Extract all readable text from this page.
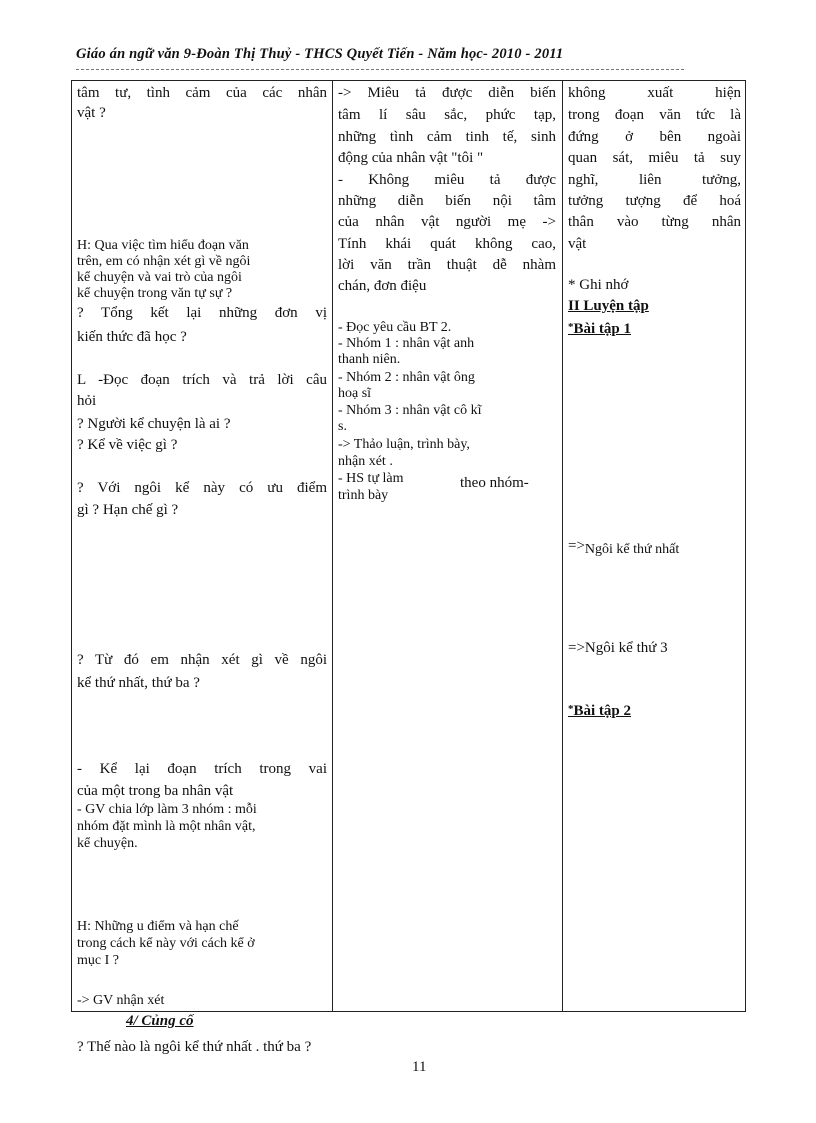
Giáo án ngữ văn 9-Đoàn Thị Thuỷ - THCS Quyết Tiến - Năm học- 2010 - 2011
tâm tư, tình cảm của các nhân
vật ?
H: Qua việc tìm hiểu đoạn văn
trên, em có nhận xét gì về ngôi
kể chuyện và vai trò của ngôi
kể chuyện trong văn tự sự ?
? Tổng kết lại những đơn vị
kiến thức đã học ?
L -Đọc đoạn trích và trả lời câu
hỏi
? Người kể chuyện là ai ?
? Kể về việc gì ?
? Với ngôi kể này có ưu điểm
gì ? Hạn chế gì ?
? Từ đó em nhận xét gì về ngôi
kể thứ nhất, thứ ba ?
- Kể lại đoạn trích trong vai
của một trong ba nhân vật
- GV chia lớp làm 3 nhóm : mỗi
nhóm đặt mình là một nhân vật,
kể chuyện.
H: Những u điểm và hạn chế
trong cách kể này với cách kể ở
mục I ?
-> GV nhận xét
-> Miêu tả được diễn biến
tâm lí sâu sắc, phức tạp,
những tình cảm tinh tế, sinh
động của nhân vật "tôi "
- Không miêu tả được
những diễn biến nội tâm
của nhân vật người mẹ ->
Tính khái quát không cao,
lời văn trần thuật dễ nhàm
chán, đơn điệu
- Đọc yêu cầu BT 2.
- Nhóm 1 : nhân vật anh
thanh niên.
- Nhóm 2 : nhân vật ông
hoạ sĩ
- Nhóm 3 : nhân vật cô kĩ
s.
-> Thảo luận, trình bày,
nhận xét .
- HS tự làm	theo nhóm-
trình bày
không xuất hiện
trong đoạn văn tức là
đứng ở bên ngoài
quan sát, miêu tả suy
nghĩ, liên tưởng,
tưởng tượng để hoá
thân vào từng nhân
vật
* Ghi nhớ
II Luyện tập
*Bài tập 1
=>Ngôi kể thứ nhất
=>Ngôi kể thứ 3
*Bài tập 2
4/ Củng cố
? Thế nào là ngôi kể thứ nhất . thứ ba ?
11
